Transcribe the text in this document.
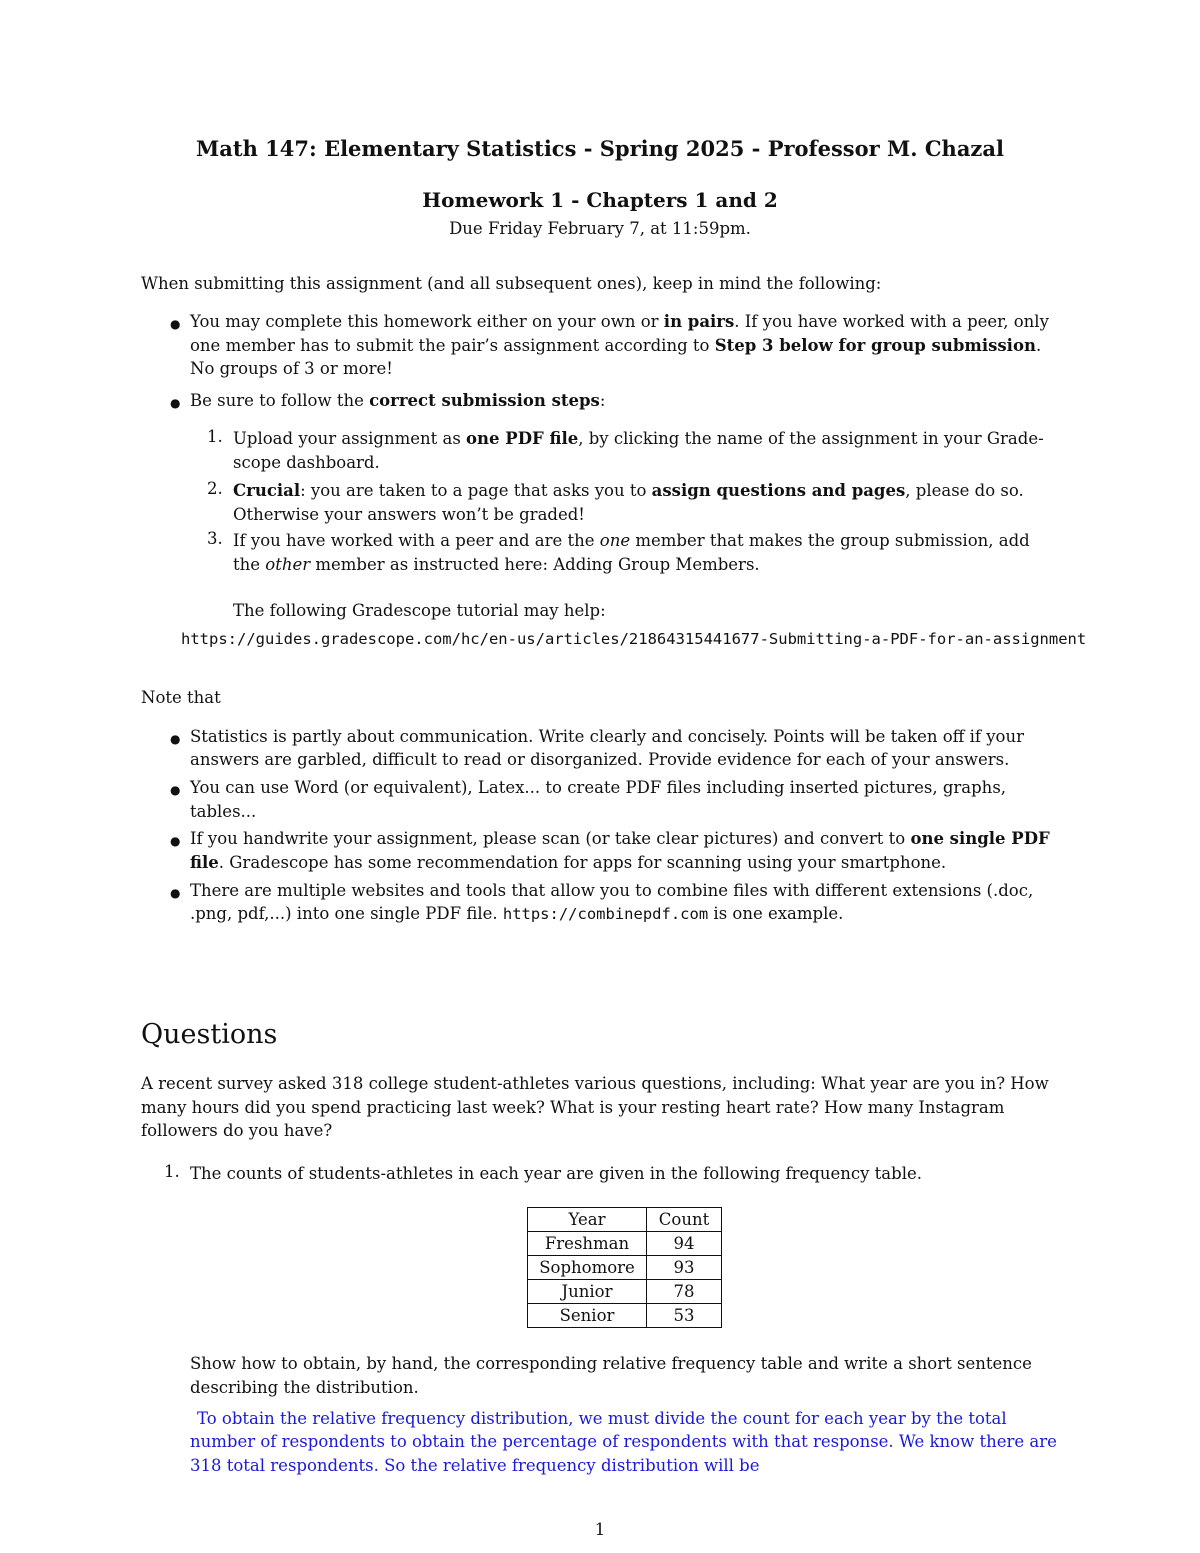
Math 147: Elementary Statistics - Spring 2025 - Professor M. Chazal
Homework 1 - Chapters 1 and 2
Due Friday February 7, at 11:59pm.
When submitting this assignment (and all subsequent ones), keep in mind the following:
● You may complete this homework either on your own or in pairs. If you have worked with a peer, only
one member has to submit the pair’s assignment according to Step 3 below for group submission.
No groups of 3 or more!
● Be sure to follow the correct submission steps:
1. Upload your assignment as one PDF file, by clicking the name of the assignment in your Grade-
scope dashboard.
2. Crucial: you are taken to a page that asks you to assign questions and pages, please do so.
Otherwise your answers won’t be graded!
3. If you have worked with a peer and are the one member that makes the group submission, add
the other member as instructed here: Adding Group Members.
The following Gradescope tutorial may help:
https://guides.gradescope.com/hc/en-us/articles/21864315441677-Submitting-a-PDF-for-an-assignment
Note that
● Statistics is partly about communication. Write clearly and concisely. Points will be taken off if your
answers are garbled, difficult to read or disorganized. Provide evidence for each of your answers.
● You can use Word (or equivalent), Latex... to create PDF files including inserted pictures, graphs,
tables...
● If you handwrite your assignment, please scan (or take clear pictures) and convert to one single PDF
file. Gradescope has some recommendation for apps for scanning using your smartphone.
● There are multiple websites and tools that allow you to combine files with different extensions (.doc,
.png, pdf,...) into one single PDF file. https://combinepdf.com is one example.
Questions
A recent survey asked 318 college student-athletes various questions, including: What year are you in? How
many hours did you spend practicing last week? What is your resting heart rate? How many Instagram
followers do you have?
1. The counts of students-athletes in each year are given in the following frequency table.
Year	Count
Freshman	94
Sophomore	93
Junior	78
Senior	53
Show how to obtain, by hand, the corresponding relative frequency table and write a short sentence
describing the distribution.
To obtain the relative frequency distribution, we must divide the count for each year by the total
number of respondents to obtain the percentage of respondents with that response. We know there are
318 total respondents. So the relative frequency distribution will be
1
